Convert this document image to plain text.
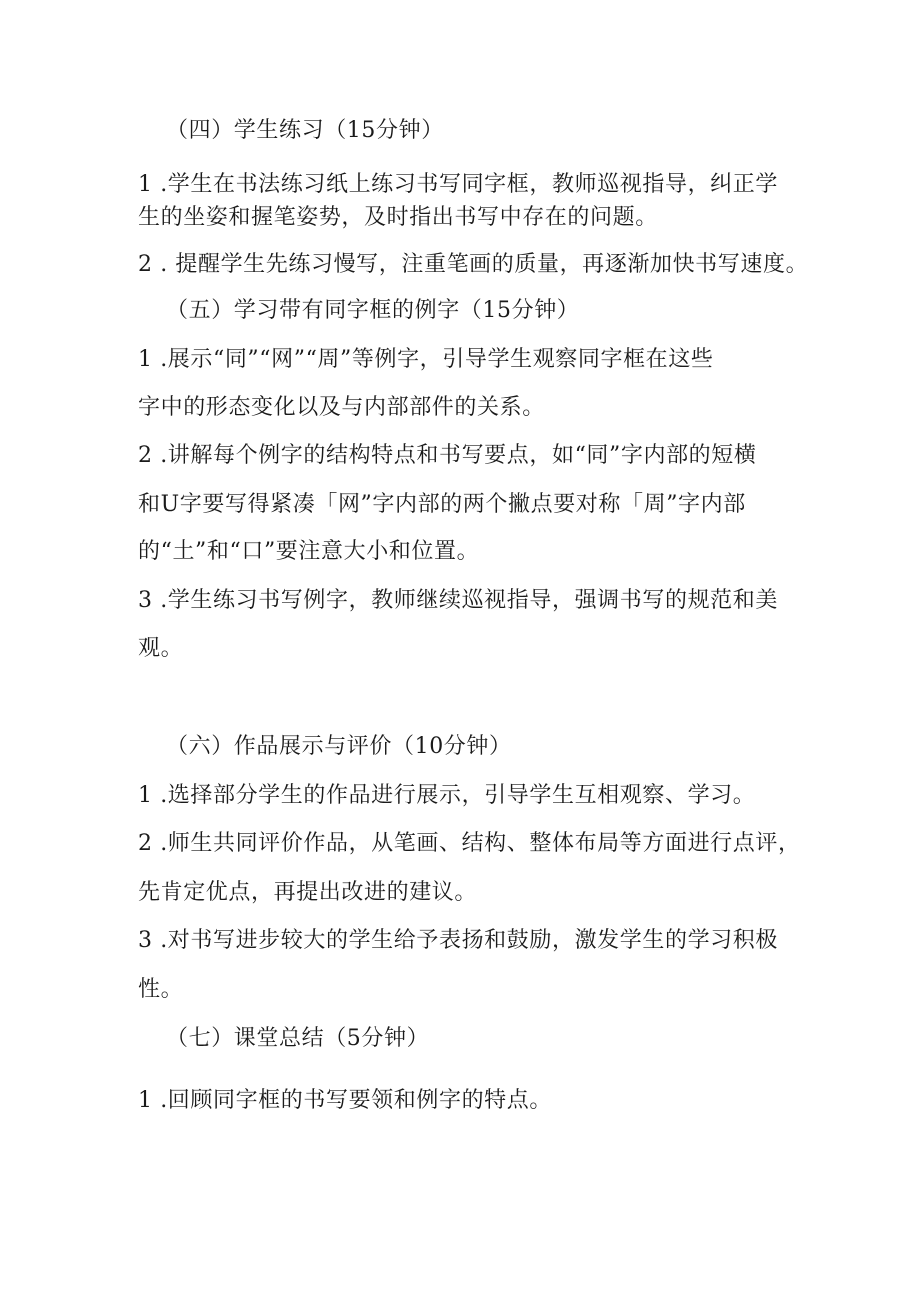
（四）学生练习（15分钟）
1 .学生在书法练习纸上练习书写同字框，教师巡视指导，纠正学
生的坐姿和握笔姿势，及时指出书写中存在的问题。
2 . 提醒学生先练习慢写，注重笔画的质量，再逐渐加快书写速度。
（五）学习带有同字框的例字（15分钟）
1 .展示“同”“网”“周”等例字，引导学生观察同字框在这些
字中的形态变化以及与内部部件的关系。
2 .讲解每个例字的结构特点和书写要点，如“同”字内部的短横
和U字要写得紧凑「网”字内部的两个撇点要对称「周”字内部
的“土”和“口”要注意大小和位置。
3 .学生练习书写例字，教师继续巡视指导，强调书写的规范和美
观。
（六）作品展示与评价（10分钟）
1 .选择部分学生的作品进行展示，引导学生互相观察、学习。
2 .师生共同评价作品，从笔画、结构、整体布局等方面进行点评，
先肯定优点，再提出改进的建议。
3 .对书写进步较大的学生给予表扬和鼓励，激发学生的学习积极
性。
（七）课堂总结（5分钟）
1 .回顾同字框的书写要领和例字的特点。
